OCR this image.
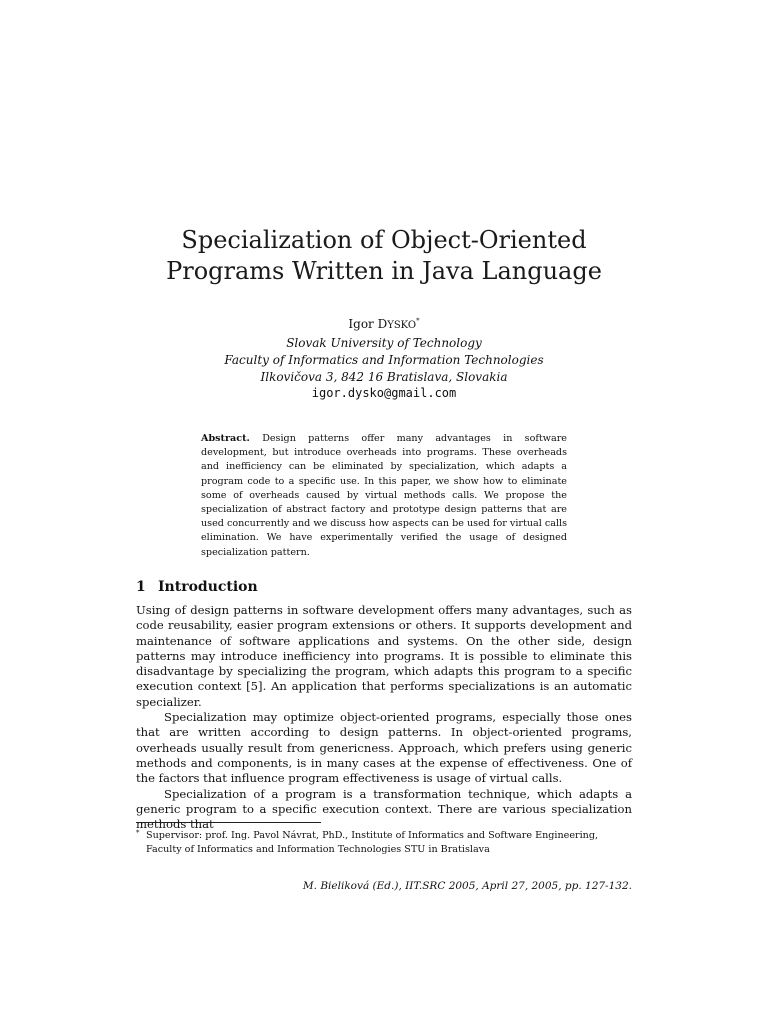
Specialization of Object-Oriented
Programs Written in Java Language
Igor DYSKO*
Slovak University of Technology
Faculty of Informatics and Information Technologies
Ilkovičova 3, 842 16 Bratislava, Slovakia
igor.dysko@gmail.com
Abstract. Design patterns offer many advantages in software development, but introduce overheads into programs. These overheads and inefficiency can be eliminated by specialization, which adapts a program code to a specific use. In this paper, we show how to eliminate some of overheads caused by virtual methods calls. We propose the specialization of abstract factory and prototype design patterns that are used concurrently and we discuss how aspects can be used for virtual calls elimination. We have experimentally verified the usage of designed specialization pattern.
1 Introduction

Using of design patterns in software development offers many advantages, such as code reusability, easier program extensions or others. It supports development and maintenance of software applications and systems. On the other side, design patterns may introduce inefficiency into programs. It is possible to eliminate this disadvantage by specializing the program, which adapts this program to a specific execution context [5]. An application that performs specializations is an automatic specializer.

Specialization may optimize object-oriented programs, especially those ones that are written according to design patterns. In object-oriented programs, overheads usually result from genericness. Approach, which prefers using generic methods and components, is in many cases at the expense of effectiveness. One of the factors that influence program effectiveness is usage of virtual calls.

Specialization of a program is a transformation technique, which adapts a generic program to a specific execution context. There are various specialization methods that

* Supervisor: prof. Ing. Pavol Návrat, PhD., Institute of Informatics and Software Engineering, Faculty of Informatics and Information Technologies STU in Bratislava
M. Bieliková (Ed.), IIT.SRC 2005, April 27, 2005, pp. 127-132.
